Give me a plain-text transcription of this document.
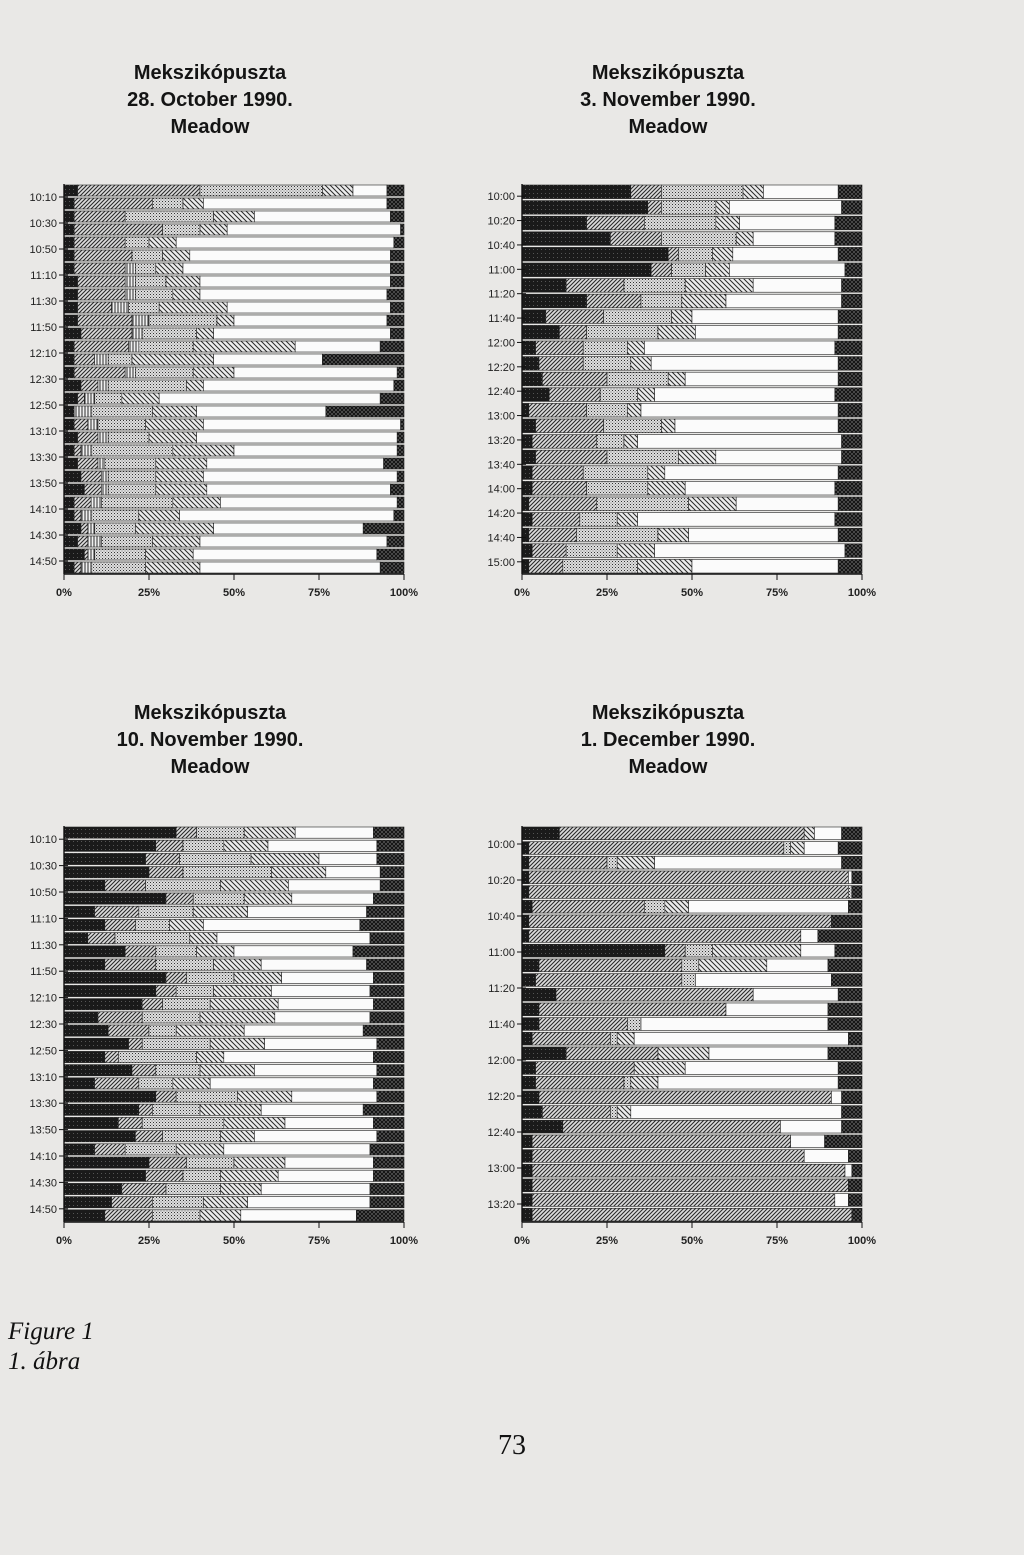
10:10
10:30
10:50
11:10
11:30
11:50
12:10
12:30
12:50
13:10
13:30
13:50
14:10
14:30
14:50
0%	25%	50%	75%	100%
10:00
10:20
10:40
11:00
11:20
11:40
12:00
12:20
12:40
13:00
13:20
13:40
14:00
14:20
14:40
15:00
0%	25%	50%	75%	100%
10:10
10:30
10:50
11:10
11:30
11:50
12:10
12:30
12:50
13:10
13:30
13:50
14:10
14:30
14:50
0%	25%	50%	75%	100%
10:00
10:20
10:40
11:00
11:20
11:40
12:00
12:20
12:40
13:00
13:20
0%	25%	50%	75%	100%
Figure 1
1. ábra
73
Mekszikópuszta
28. October 1990.
Meadow
Mekszikópuszta
3. November 1990.
Meadow
Mekszikópuszta
10. November 1990.
Meadow
Mekszikópuszta
1. December 1990.
Meadow
